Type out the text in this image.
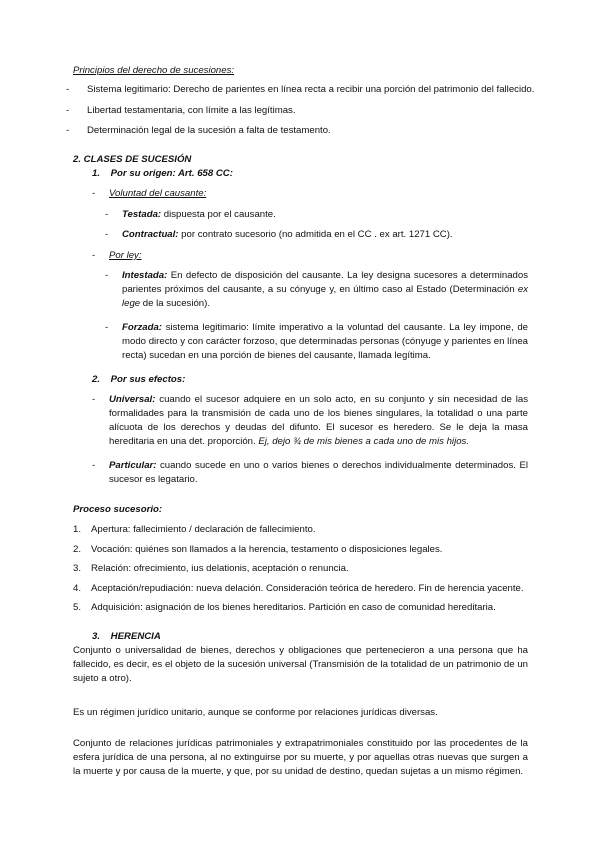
Principios del derecho de sucesiones:
- Sistema legitimario: Derecho de parientes en línea recta a recibir una porción del patrimonio del fallecido.
- Libertad testamentaria, con límite a las legítimas.
- Determinación legal de la sucesión a falta de testamento.
2. CLASES DE SUCESIÓN
1.    Por su origen: Art. 658 CC:
- Voluntad del causante:
- Testada: dispuesta por el causante.
- Contractual: por contrato sucesorio (no admitida en el CC . ex art. 1271 CC).
- Por ley:
- Intestada: En defecto de disposición del causante. La ley designa sucesores a determinados parientes próximos del causante, a su cónyuge y, en último caso al Estado (Determinación ex lege de la sucesión).
- Forzada: sistema legitimario: límite imperativo a la voluntad del causante. La ley impone, de modo directo y con carácter forzoso, que determinadas personas (cónyuge y parientes en línea recta) sucedan en una porción de bienes del causante, llamada legítima.
2.    Por sus efectos:
- Universal: cuando el sucesor adquiere en un solo acto, en su conjunto y sin necesidad de las formalidades para la transmisión de cada uno de los bienes singulares, la totalidad o una parte alícuota de los derechos y deudas del difunto. El sucesor es heredero. Se le deja la masa hereditaria en una det. proporción. Ej, dejo ¾ de mis bienes a cada uno de mis hijos.
- Particular: cuando sucede en uno o varios bienes o derechos individualmente determinados. El sucesor es legatario.
Proceso sucesorio:
1. Apertura: fallecimiento / declaración de fallecimiento.
2. Vocación: quiénes son llamados a la herencia, testamento o disposiciones legales.
3. Relación: ofrecimiento, ius delationis, aceptación o renuncia.
4. Aceptación/repudiación: nueva delación. Consideración teórica de heredero. Fin de herencia yacente.
5. Adquisición: asignación de los bienes hereditarios. Partición en caso de comunidad hereditaria.
3.    HERENCIA
Conjunto o universalidad de bienes, derechos y obligaciones que pertenecieron a una persona que ha fallecido, es decir, es el objeto de la sucesión universal (Transmisión de la totalidad de un patrimonio de un sujeto a otro).
Es un régimen jurídico unitario, aunque se conforme por relaciones jurídicas diversas.
Conjunto de relaciones jurídicas patrimoniales y extrapatrimoniales constituido por las procedentes de la esfera jurídica de una persona, al no extinguirse por su muerte, y por aquellas otras nuevas que surgen a la muerte y por causa de la muerte, y que, por su unidad de destino, quedan sujetas a un mismo régimen.
